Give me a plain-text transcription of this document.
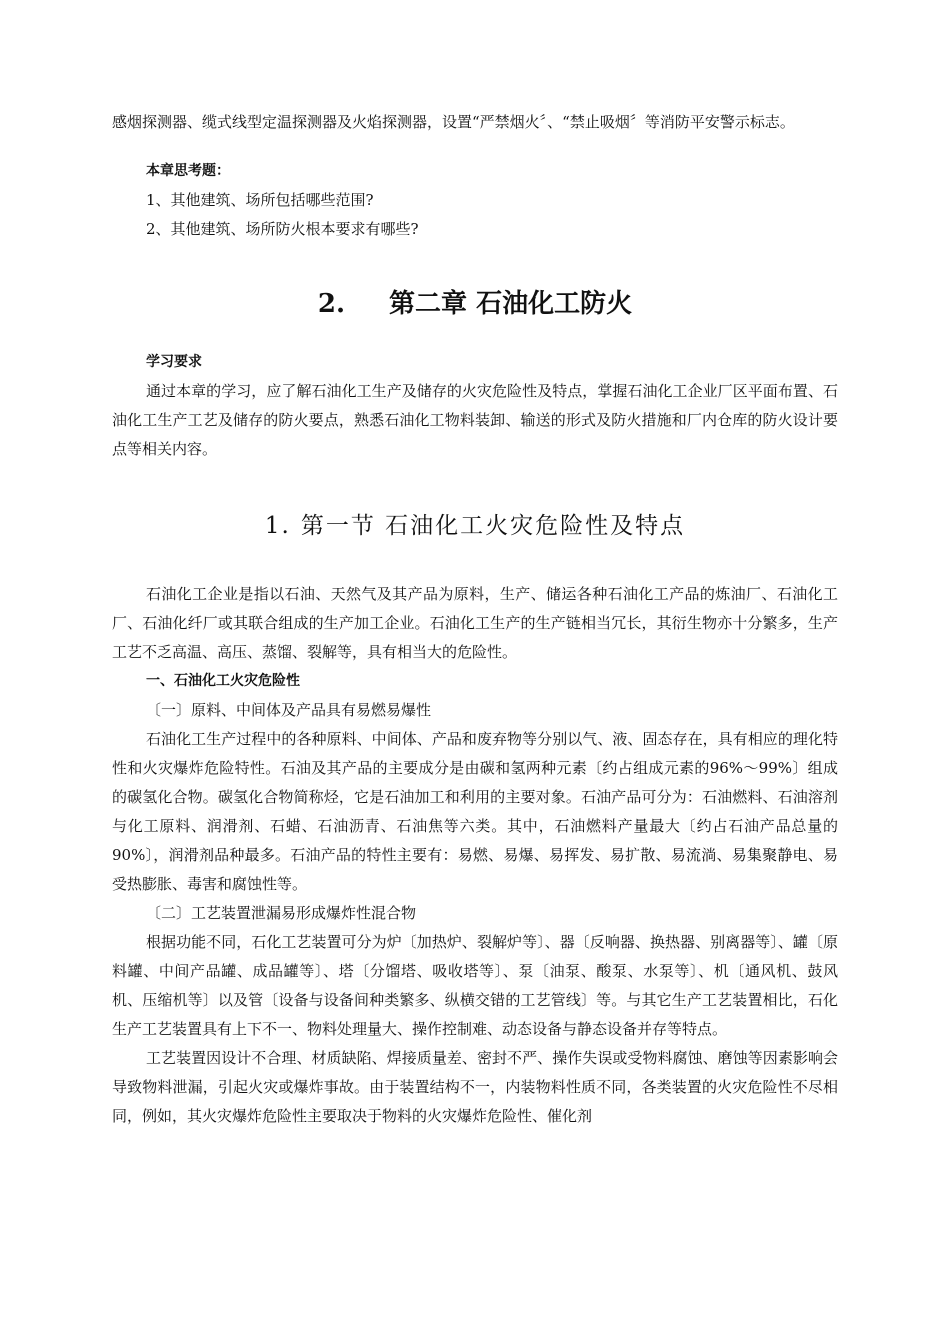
感烟探测器、缆式线型定温探测器及火焰探测器，设置“严禁烟火〞、“禁止吸烟〞等消防平安警示标志。

本章思考题：

1、其他建筑、场所包括哪些范围?

2、其他建筑、场所防火根本要求有哪些?

2. 第二章 石油化工防火

学习要求

通过本章的学习，应了解石油化工生产及储存的火灾危险性及特点，掌握石油化工企业厂区平面布置、石油化工生产工艺及储存的防火要点，熟悉石油化工物料装卸、输送的形式及防火措施和厂内仓库的防火设计要点等相关内容。

1. 第一节 石油化工火灾危险性及特点

石油化工企业是指以石油、天然气及其产品为原料，生产、储运各种石油化工产品的炼油厂、石油化工厂、石油化纤厂或其联合组成的生产加工企业。石油化工生产的生产链相当冗长，其衍生物亦十分繁多，生产工艺不乏高温、高压、蒸馏、裂解等，具有相当大的危险性。

一、石油化工火灾危险性

〔一〕原料、中间体及产品具有易燃易爆性

石油化工生产过程中的各种原料、中间体、产品和废弃物等分别以气、液、固态存在，具有相应的理化特性和火灾爆炸危险特性。石油及其产品的主要成分是由碳和氢两种元素〔约占组成元素的96%～99%〕组成的碳氢化合物。碳氢化合物简称烃，它是石油加工和利用的主要对象。石油产品可分为：石油燃料、石油溶剂与化工原料、润滑剂、石蜡、石油沥青、石油焦等六类。其中，石油燃料产量最大〔约占石油产品总量的90%〕，润滑剂品种最多。石油产品的特性主要有：易燃、易爆、易挥发、易扩散、易流淌、易集聚静电、易受热膨胀、毒害和腐蚀性等。

〔二〕工艺装置泄漏易形成爆炸性混合物

根据功能不同，石化工艺装置可分为炉〔加热炉、裂解炉等〕、器〔反响器、换热器、别离器等〕、罐〔原料罐、中间产品罐、成品罐等〕、塔〔分馏塔、吸收塔等〕、泵〔油泵、酸泵、水泵等〕、机〔通风机、鼓风机、压缩机等〕以及管〔设备与设备间种类繁多、纵横交错的工艺管线〕等。与其它生产工艺装置相比，石化生产工艺装置具有上下不一、物料处理量大、操作控制难、动态设备与静态设备并存等特点。

工艺装置因设计不合理、材质缺陷、焊接质量差、密封不严、操作失误或受物料腐蚀、磨蚀等因素影响会导致物料泄漏，引起火灾或爆炸事故。由于装置结构不一，内装物料性质不同，各类装置的火灾危险性不尽相同，例如，其火灾爆炸危险性主要取决于物料的火灾爆炸危险性、催化剂
